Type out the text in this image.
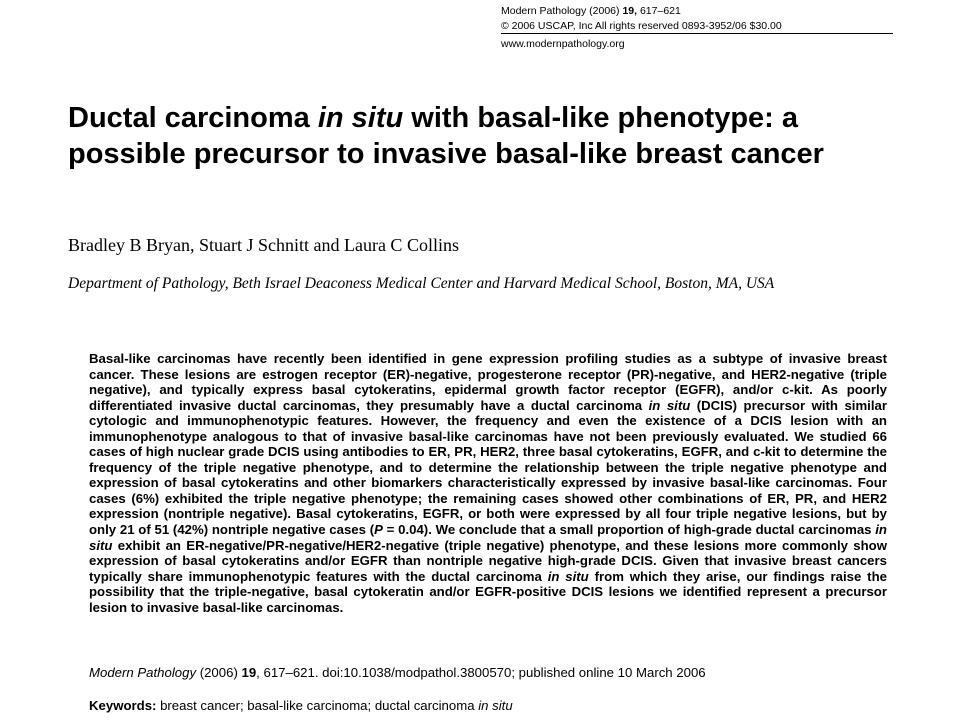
Modern Pathology (2006) 19, 617–621
© 2006 USCAP, Inc All rights reserved 0893-3952/06 $30.00
www.modernpathology.org
Ductal carcinoma in situ with basal-like phenotype: a possible precursor to invasive basal-like breast cancer
Bradley B Bryan, Stuart J Schnitt and Laura C Collins
Department of Pathology, Beth Israel Deaconess Medical Center and Harvard Medical School, Boston, MA, USA

Basal-like carcinomas have recently been identified in gene expression profiling studies as a subtype of invasive breast cancer. These lesions are estrogen receptor (ER)-negative, progesterone receptor (PR)-negative, and HER2-negative (triple negative), and typically express basal cytokeratins, epidermal growth factor receptor (EGFR), and/or c-kit. As poorly differentiated invasive ductal carcinomas, they presumably have a ductal carcinoma in situ (DCIS) precursor with similar cytologic and immunophenotypic features. However, the frequency and even the existence of a DCIS lesion with an immunophenotype analogous to that of invasive basal-like carcinomas have not been previously evaluated. We studied 66 cases of high nuclear grade DCIS using antibodies to ER, PR, HER2, three basal cytokeratins, EGFR, and c-kit to determine the frequency of the triple negative phenotype, and to determine the relationship between the triple negative phenotype and expression of basal cytokeratins and other biomarkers characteristically expressed by invasive basal-like carcinomas. Four cases (6%) exhibited the triple negative phenotype; the remaining cases showed other combinations of ER, PR, and HER2 expression (nontriple negative). Basal cytokeratins, EGFR, or both were expressed by all four triple negative lesions, but by only 21 of 51 (42%) nontriple negative cases (P = 0.04). We conclude that a small proportion of high-grade ductal carcinomas in situ exhibit an ER-negative/PR-negative/HER2-negative (triple negative) phenotype, and these lesions more commonly show expression of basal cytokeratins and/or EGFR than nontriple negative high-grade DCIS. Given that invasive breast cancers typically share immunophenotypic features with the ductal carcinoma in situ from which they arise, our findings raise the possibility that the triple-negative, basal cytokeratin and/or EGFR-positive DCIS lesions we identified represent a precursor lesion to invasive basal-like carcinomas.

Modern Pathology (2006) 19, 617–621. doi:10.1038/modpathol.3800570; published online 10 March 2006
Keywords: breast cancer; basal-like carcinoma; ductal carcinoma in situ
